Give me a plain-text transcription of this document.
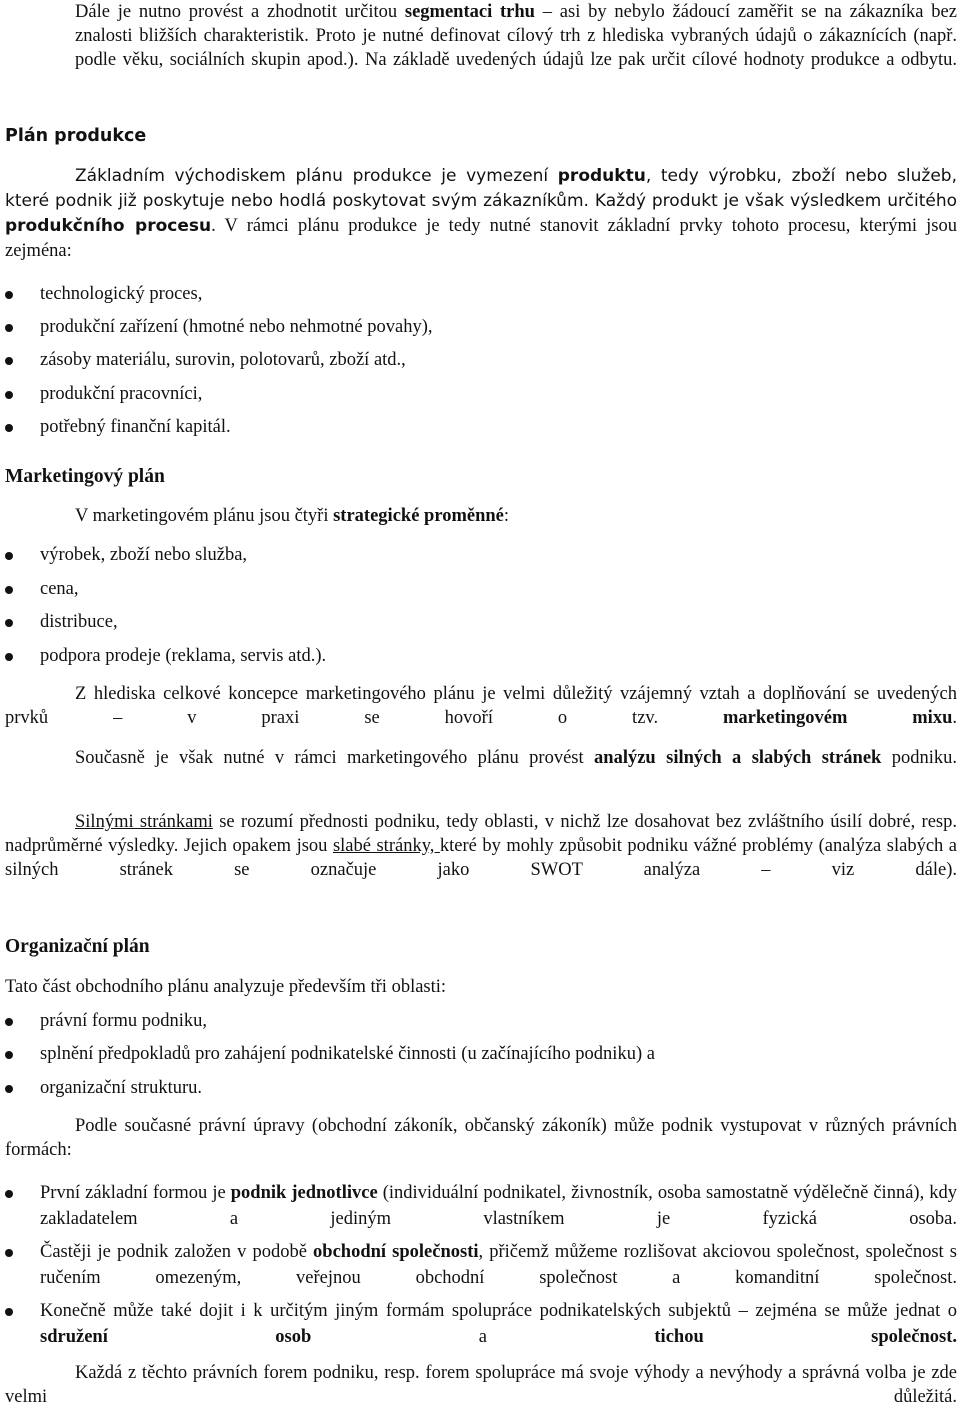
Dále je nutno provést a zhodnotit určitou segmentaci trhu – asi by nebylo žádoucí zaměřit se na zákazníka bez znalosti bližších charakteristik. Proto je nutné definovat cílový trh z hlediska vybraných údajů o zákaznících (např. podle věku, sociálních skupin apod.). Na základě uvedených údajů lze pak určit cílové hodnoty produkce a odbytu.
Plán produkce
Základním východiskem plánu produkce je vymezení produktu, tedy výrobku, zboží nebo služeb, které podnik již poskytuje nebo hodlá poskytovat svým zákazníkům. Každý produkt je však výsledkem určitého produkčního procesu. V rámci plánu produkce je tedy nutné stanovit základní prvky tohoto procesu, kterými jsou zejména:
technologický proces,
produkční zařízení (hmotné nebo nehmotné povahy),
zásoby materiálu, surovin, polotovarů, zboží atd.,
produkční pracovníci,
potřebný finanční kapitál.
Marketingový plán
V marketingovém plánu jsou čtyři strategické proměnné:
výrobek, zboží nebo služba,
cena,
distribuce,
podpora prodeje (reklama, servis atd.).
Z hlediska celkové koncepce marketingového plánu je velmi důležitý vzájemný vztah a doplňování se uvedených prvků – v praxi se hovoří o tzv. marketingovém mixu.
Současně je však nutné v rámci marketingového plánu provést analýzu silných a slabých stránek podniku.
Silnými stránkami se rozumí přednosti podniku, tedy oblasti, v nichž lze dosahovat bez zvláštního úsilí dobré, resp. nadprůměrné výsledky. Jejich opakem jsou slabé stránky, které by mohly způsobit podniku vážné problémy (analýza slabých a silných stránek se označuje jako SWOT analýza – viz dále).
Organizační plán
Tato část obchodního plánu analyzuje především tři oblasti:
právní formu podniku,
splnění předpokladů pro zahájení podnikatelské činnosti (u začínajícího podniku) a
organizační strukturu.
Podle současné právní úpravy (obchodní zákoník, občanský zákoník) může podnik vystupovat v různých právních formách:
První základní formou je podnik jednotlivce (individuální podnikatel, živnostník, osoba samostatně výdělečně činná), kdy zakladatelem a jediným vlastníkem je fyzická osoba.
Častěji je podnik založen v podobě obchodní společnosti, přičemž můžeme rozlišovat akciovou společnost, společnost s ručením omezeným, veřejnou obchodní společnost a komanditní společnost.
Konečně může také dojit i k určitým jiným formám spolupráce podnikatelských subjektů – zejména se může jednat o sdružení osob a tichou společnost.
Každá z těchto právních forem podniku, resp. forem spolupráce má svoje výhody a nevýhody a správná volba je zde velmi důležitá.
